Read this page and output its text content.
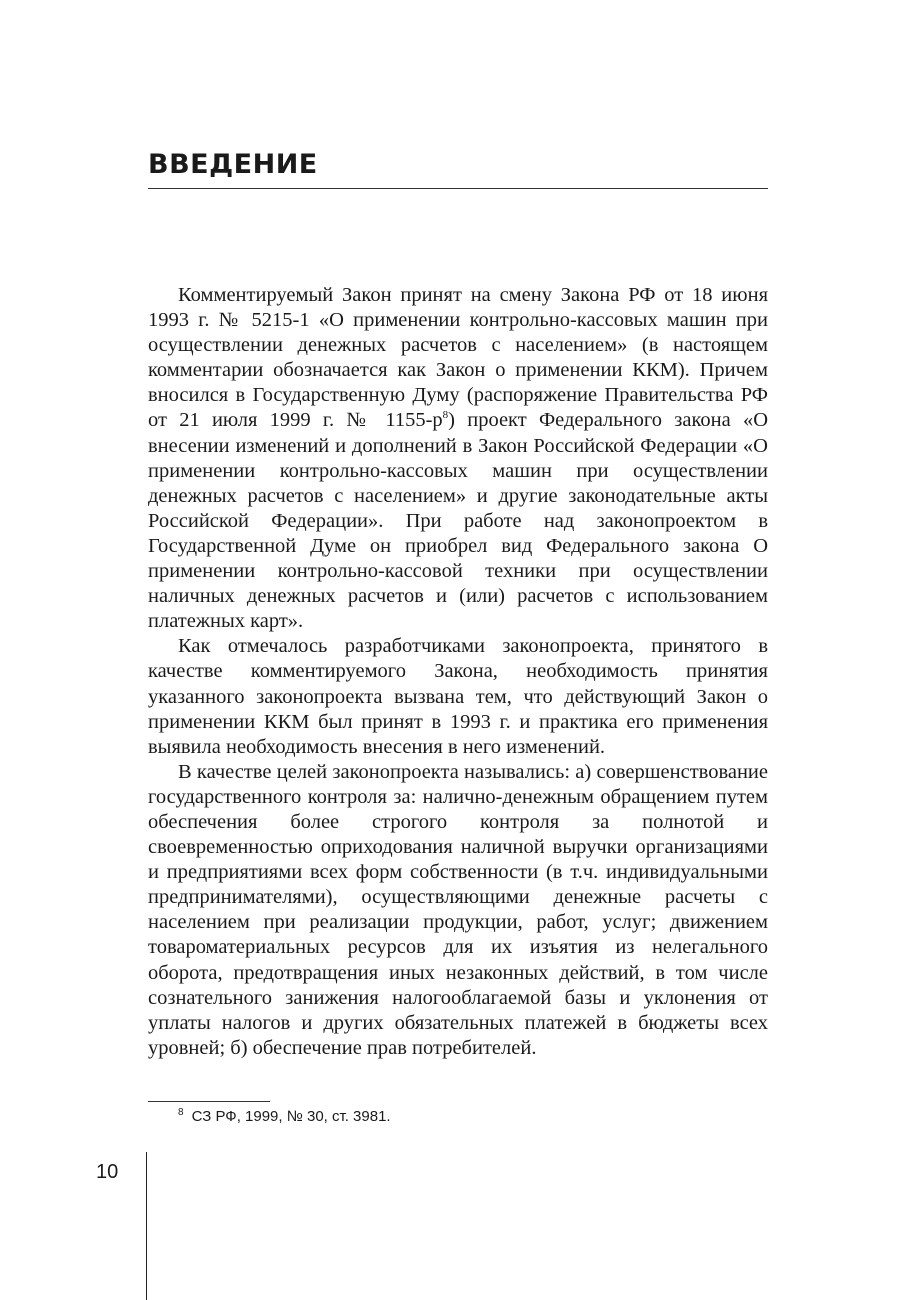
ВВЕДЕНИЕ

Комментируемый Закон принят на смену Закона РФ от 18 июня 1993 г. № 5215-1 «О применении контрольно-кассовых машин при осуществлении денежных расчетов с населением» (в настоящем комментарии обозначается как Закон о применении ККМ). Причем вносился в Государственную Думу (распоряжение Правительства РФ от 21 июля 1999 г. № $1155-р^8$) проект Федерального закона «О внесении изменений и дополнений в Закон Российской Федерации «О применении контрольно-кассовых машин при осуществлении денежных расчетов с населением» и другие законодательные акты Российской Федерации». При работе над законопроектом в Государственной Думе он приобрел вид Федерального закона О применении контрольно-кассовой техники при осуществлении наличных денежных расчетов и (или) расчетов с использованием платежных карт».

Как отмечалось разработчиками законопроекта, принятого в качестве комментируемого Закона, необходимость принятия указанного законопроекта вызвана тем, что действующий Закон о применении ККМ был принят в 1993 г. и практика его применения выявила необходимость внесения в него изменений.

В качестве целей законопроекта назывались: а) совершенствование государственного контроля за: налично-денежным обращением путем обеспечения более строгого контроля за полнотой и своевременностью оприходования наличной выручки организациями и предприятиями всех форм собственности (в т.ч. индивидуальными предпринимателями), осуществляющими денежные расчеты с населением при реализации продукции, работ, услуг; движением товароматериальных ресурсов для их изъятия из нелегального оборота, предотвращения иных незаконных действий, в том числе сознательного занижения налогооблагаемой базы и уклонения от уплаты налогов и других обязательных платежей в бюджеты всех уровней; б) обеспечение прав потребителей.

$^8$ СЗ РФ, 1999, № 30, ст. 3981.

10
